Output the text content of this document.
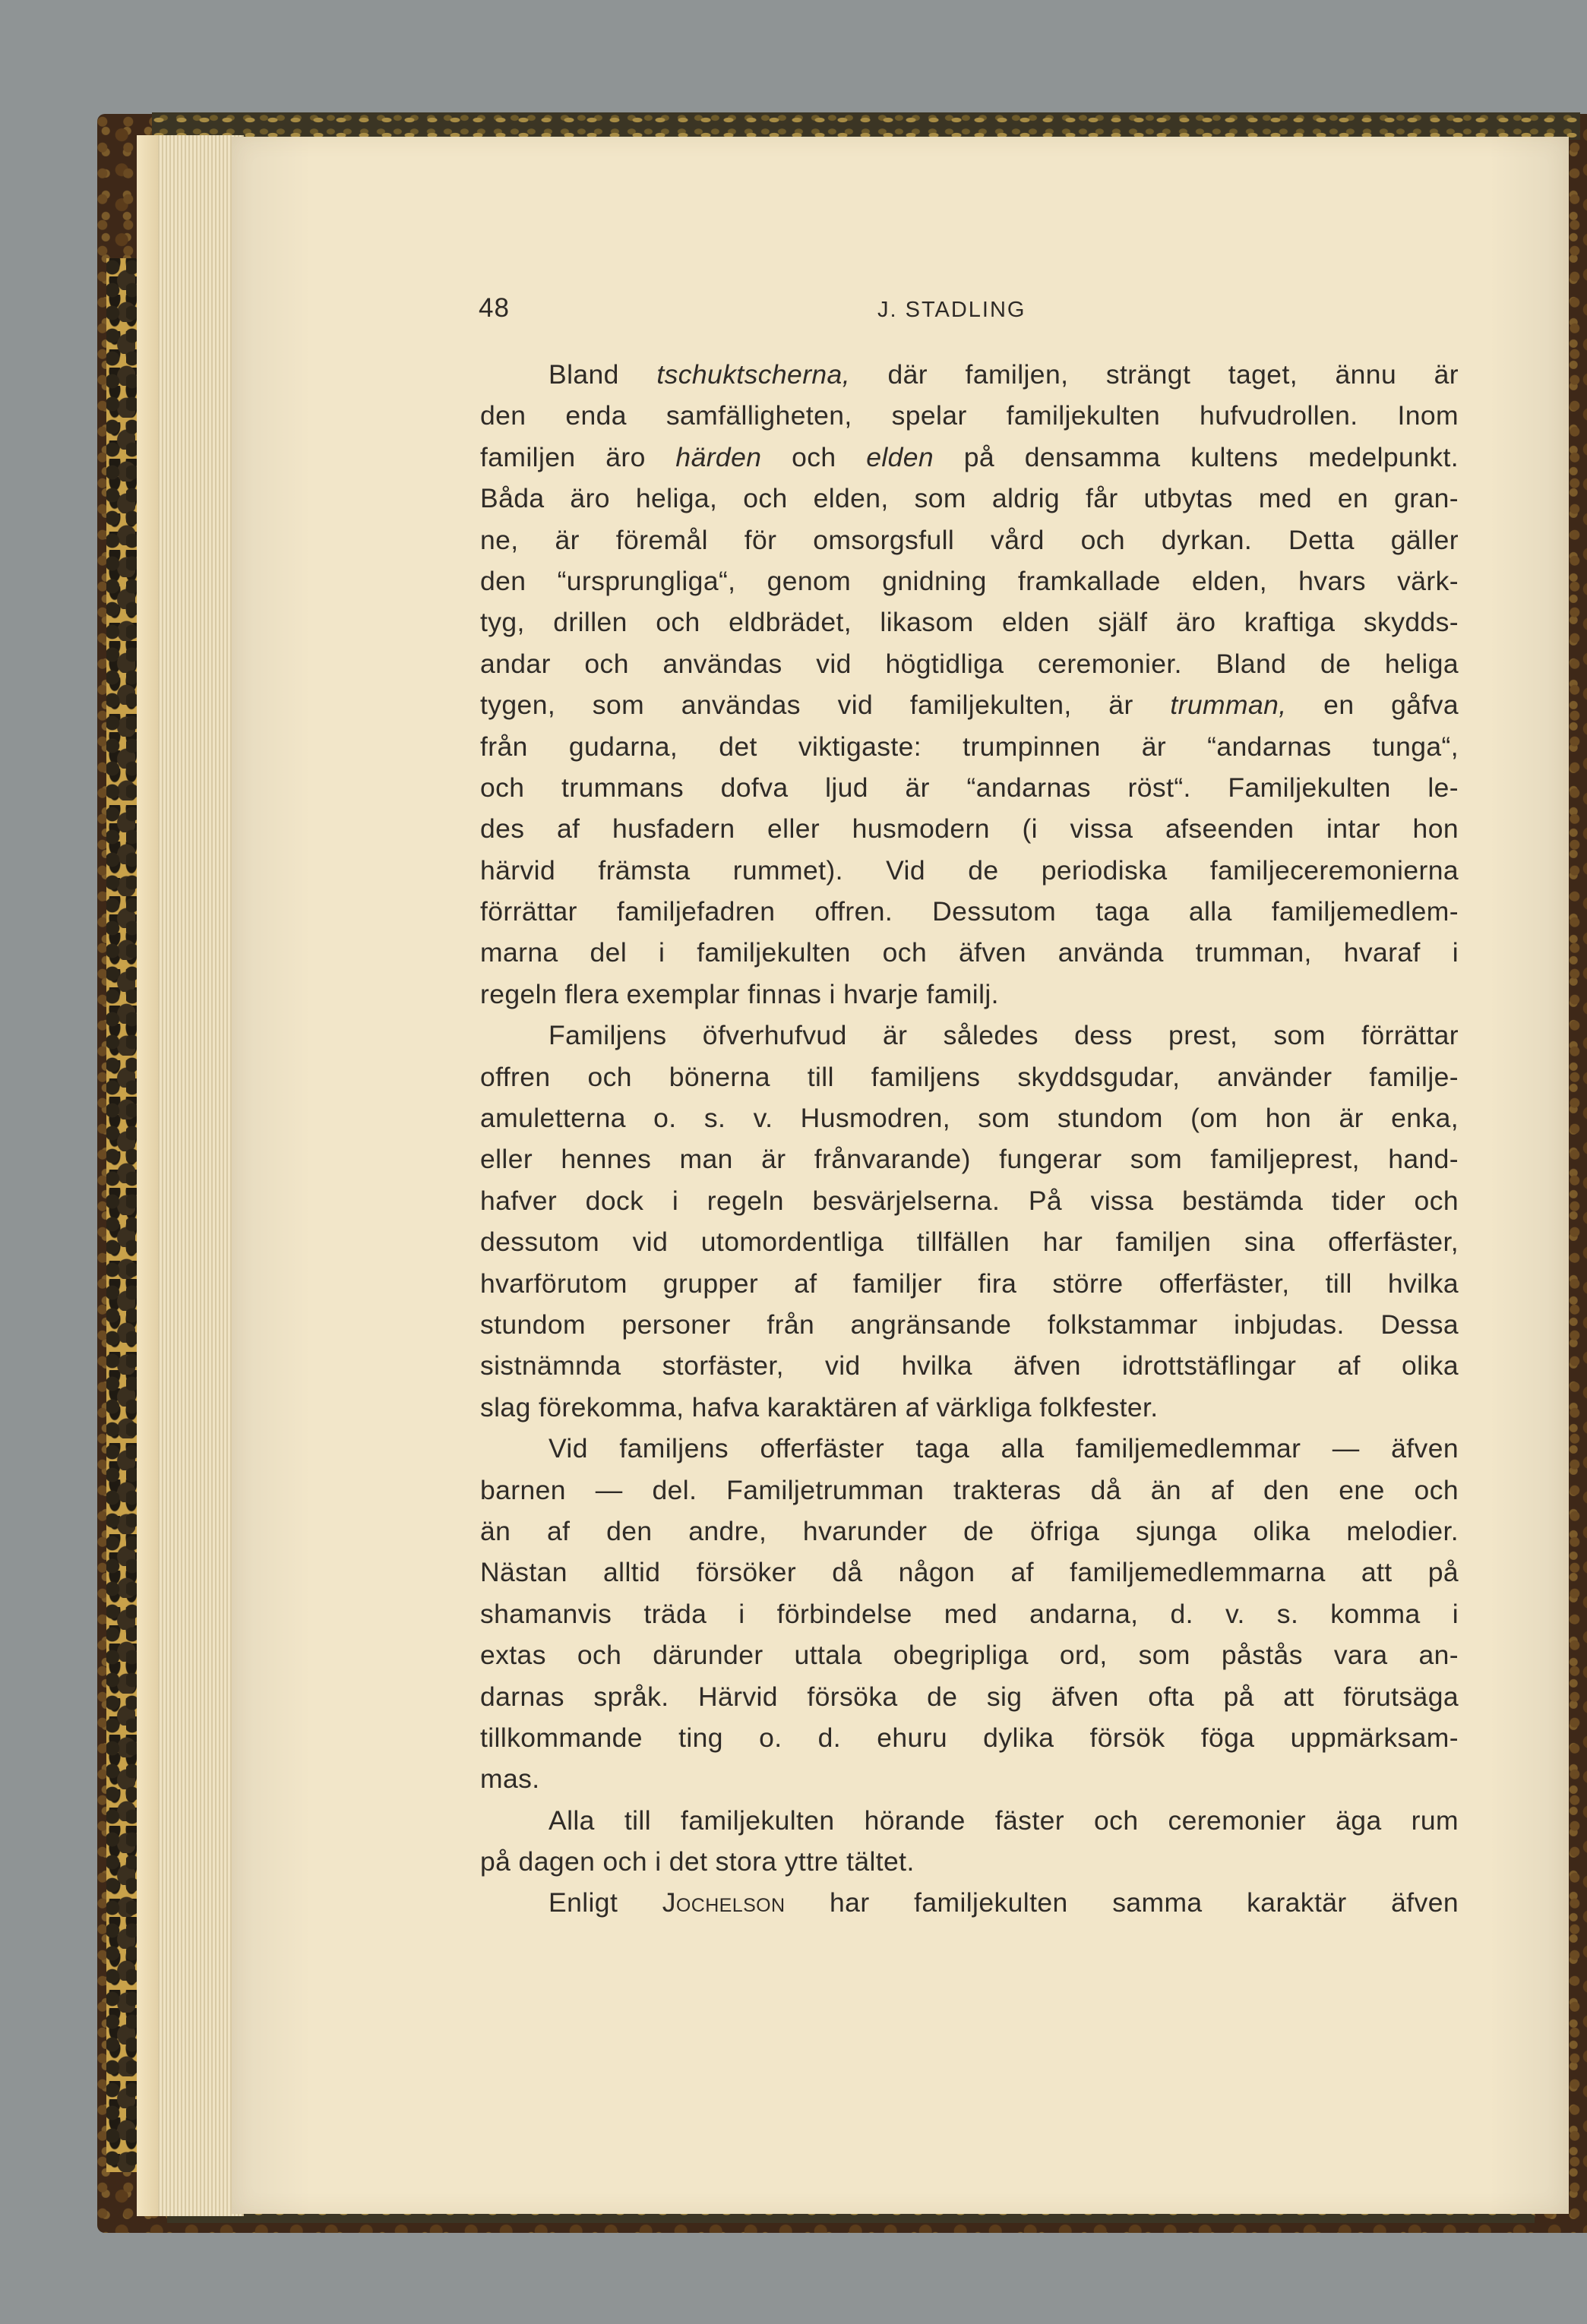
48	J. STADLING
Bland tschuktscherna, där familjen, strängt taget, ännu är
den enda samfälligheten, spelar familjekulten hufvudrollen. Inom
familjen äro härden och elden på densamma kultens medelpunkt.
Båda äro heliga, och elden, som aldrig får utbytas med en gran-
ne, är föremål för omsorgsfull vård och dyrkan. Detta gäller
den “ursprungliga“, genom gnidning framkallade elden, hvars värk-
tyg, drillen och eldbrädet, likasom elden själf äro kraftiga skydds-
andar och användas vid högtidliga ceremonier. Bland de heliga
tygen, som användas vid familjekulten, är trumman, en gåfva
från gudarna, det viktigaste: trumpinnen är “andarnas tunga“,
och trummans dofva ljud är “andarnas röst“. Familjekulten le-
des af husfadern eller husmodern (i vissa afseenden intar hon
härvid främsta rummet). Vid de periodiska familjeceremonierna
förrättar familjefadren offren. Dessutom taga alla familjemedlem-
marna del i familjekulten och äfven använda trumman, hvaraf i
regeln flera exemplar finnas i hvarje familj.
Familjens öfverhufvud är således dess prest, som förrättar
offren och bönerna till familjens skyddsgudar, använder familje-
amuletterna o. s. v. Husmodren, som stundom (om hon är enka,
eller hennes man är frånvarande) fungerar som familjeprest, hand-
hafver dock i regeln besvärjelserna. På vissa bestämda tider och
dessutom vid utomordentliga tillfällen har familjen sina offerfäster,
hvarförutom grupper af familjer fira större offerfäster, till hvilka
stundom personer från angränsande folkstammar inbjudas. Dessa
sistnämnda storfäster, vid hvilka äfven idrottstäflingar af olika
slag förekomma, hafva karaktären af värkliga folkfester.
Vid familjens offerfäster taga alla familjemedlemmar — äfven
barnen — del. Familjetrumman trakteras då än af den ene och
än af den andre, hvarunder de öfriga sjunga olika melodier.
Nästan alltid försöker då någon af familjemedlemmarna att på
shamanvis träda i förbindelse med andarna, d. v. s. komma i
extas och därunder uttala obegripliga ord, som påstås vara an-
darnas språk. Härvid försöka de sig äfven ofta på att förutsäga
tillkommande ting o. d. ehuru dylika försök föga uppmärksam-
mas.
Alla till familjekulten hörande fäster och ceremonier äga rum
på dagen och i det stora yttre tältet.
Enligt Jochelson har familjekulten samma karaktär äfven
